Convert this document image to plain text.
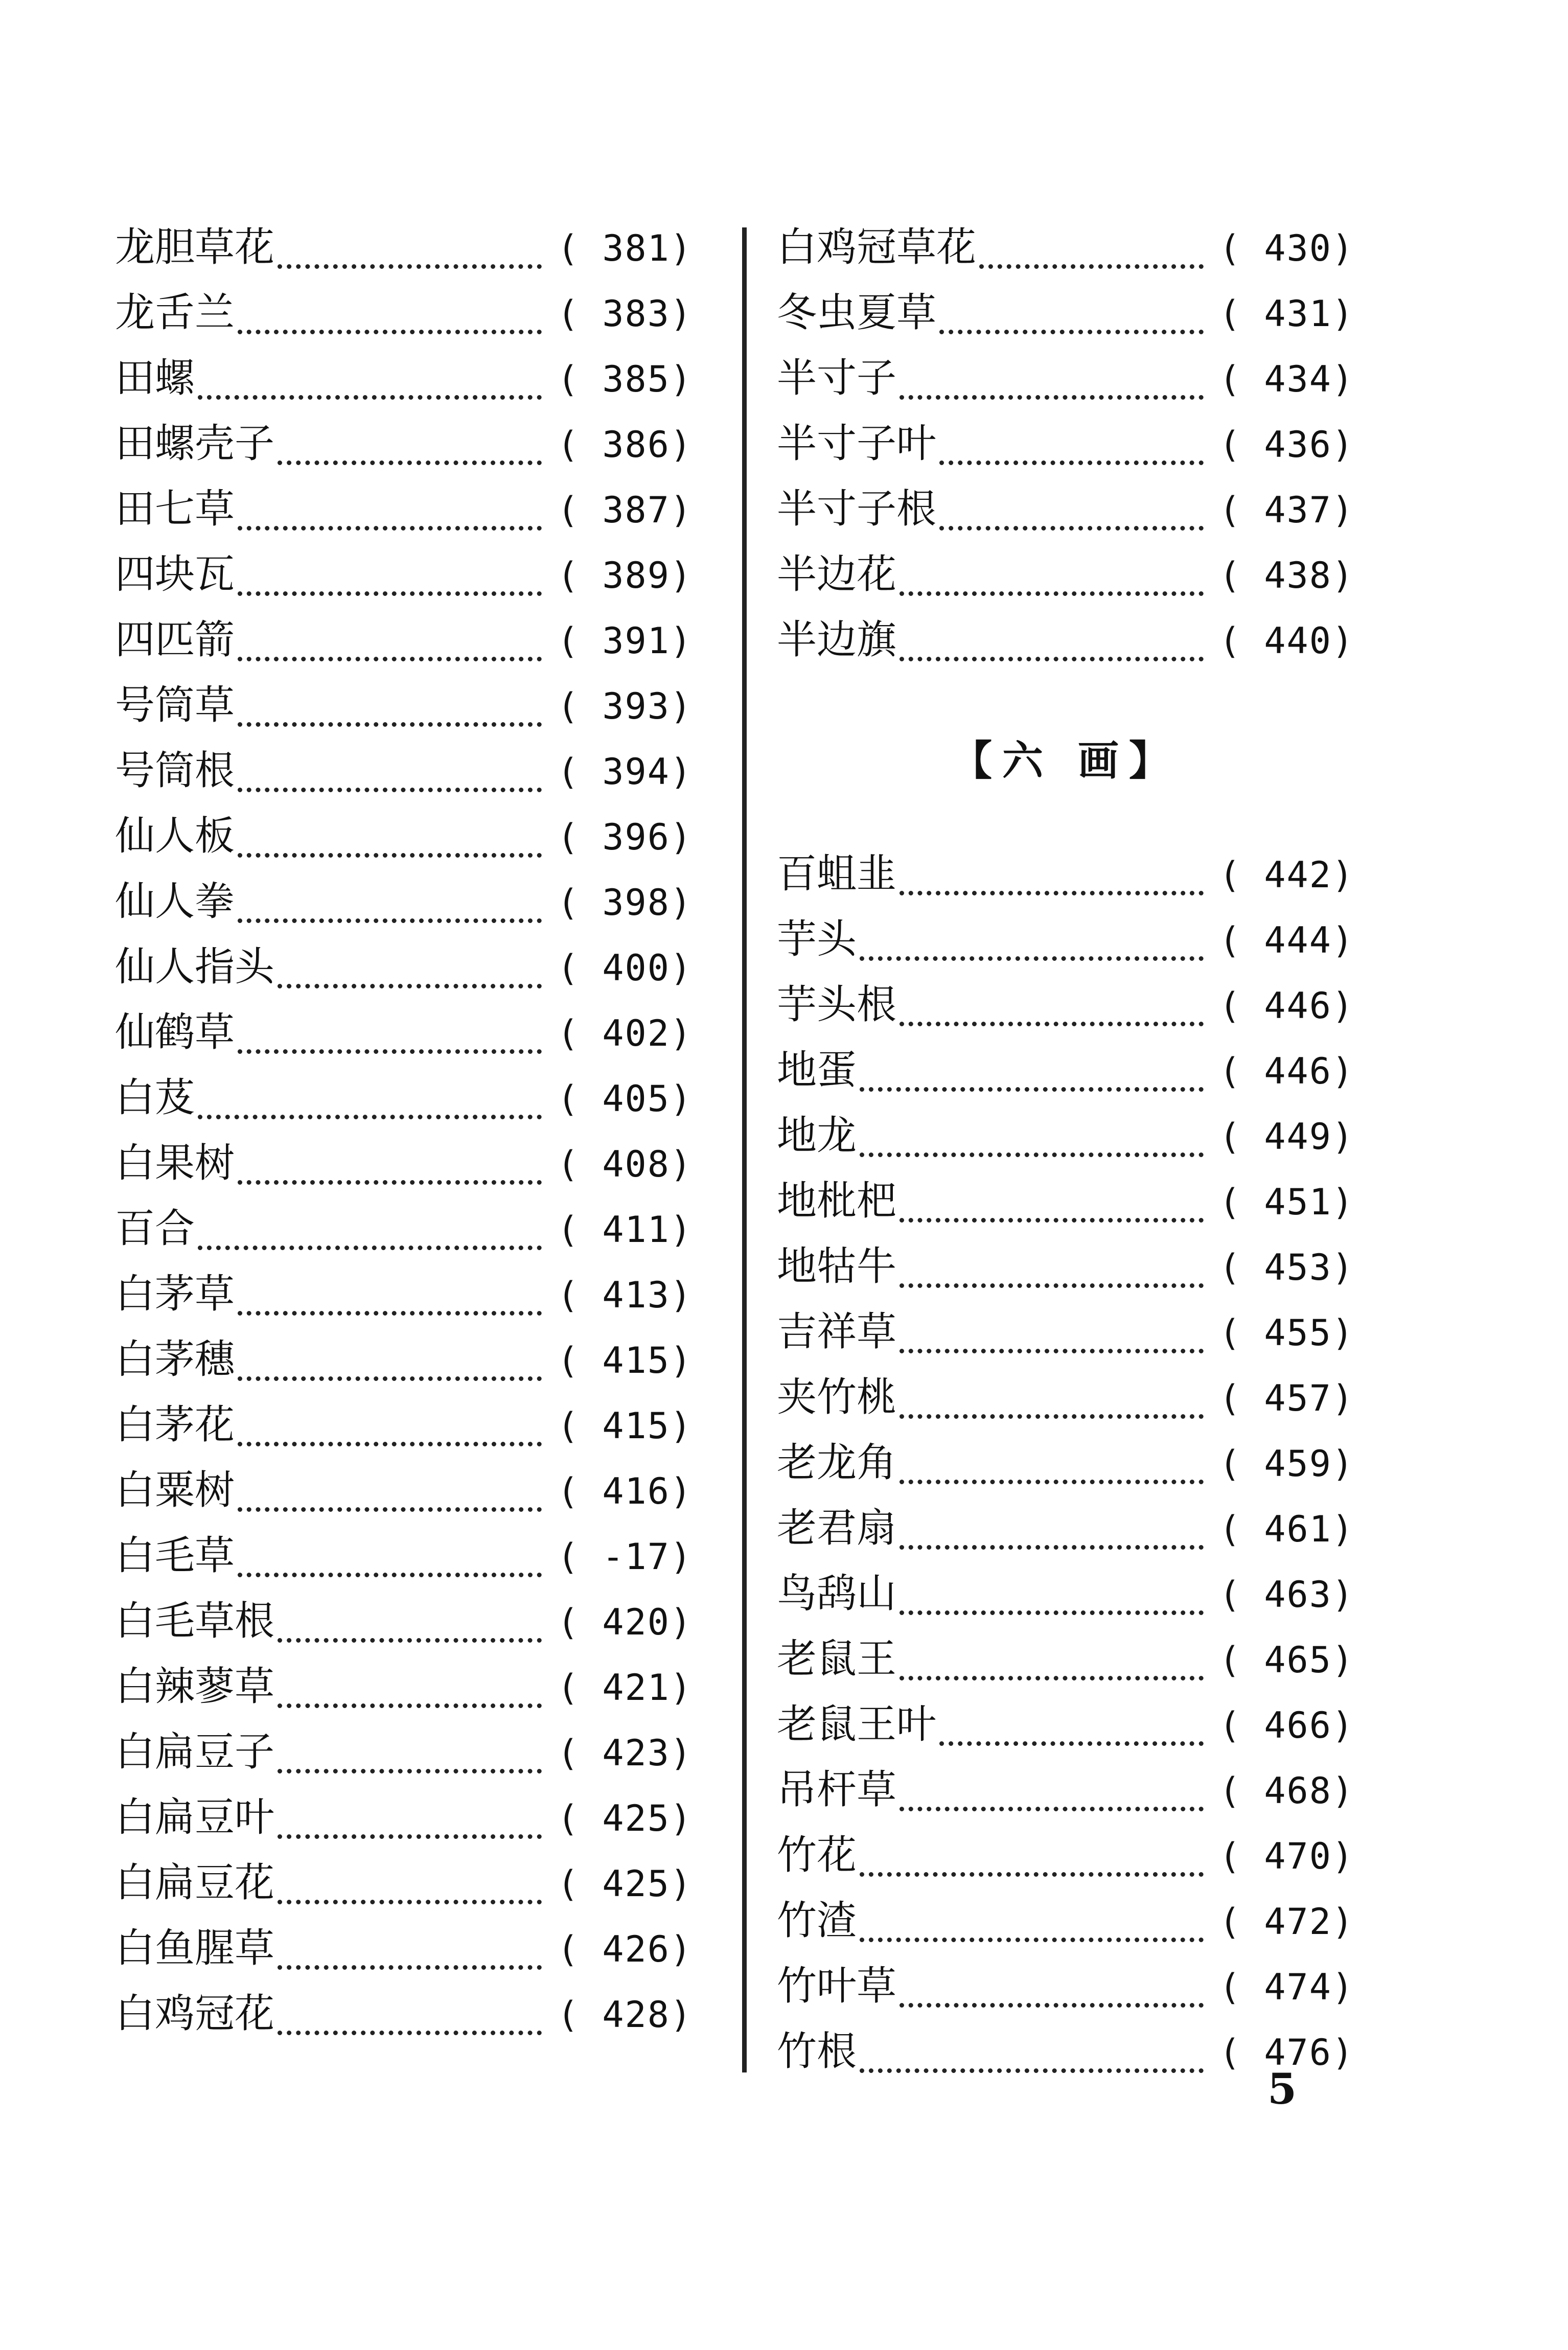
龙胆草花	( 381)
龙舌兰	( 383)
田螺	( 385)
田螺壳子	( 386)
田七草	( 387)
四块瓦	( 389)
四匹箭	( 391)
号筒草	( 393)
号筒根	( 394)
仙人板	( 396)
仙人拳	( 398)
仙人指头	( 400)
仙鹤草	( 402)
白芨	( 405)
白果树	( 408)
百合	( 411)
白茅草	( 413)
白茅穗	( 415)
白茅花	( 415)
白粟树	( 416)
白毛草	( -17)
白毛草根	( 420)
白辣蓼草	( 421)
白扁豆子	( 423)
白扁豆叶	( 425)
白扁豆花	( 425)
白鱼腥草	( 426)
白鸡冠花	( 428)
白鸡冠草花	( 430)
冬虫夏草	( 431)
半寸子	( 434)
半寸子叶	( 436)
半寸子根	( 437)
半边花	( 438)
半边旗	( 440)
【六 画】
百蛆韭	( 442)
芋头	( 444)
芋头根	( 446)
地蛋	( 446)
地龙	( 449)
地枇杷	( 451)
地牯牛	( 453)
吉祥草	( 455)
夹竹桃	( 457)
老龙角	( 459)
老君扇	( 461)
鸟鸹山	( 463)
老鼠王	( 465)
老鼠王叶	( 466)
吊杆草	( 468)
竹花	( 470)
竹渣	( 472)
竹叶草	( 474)
竹根	( 476)
5
